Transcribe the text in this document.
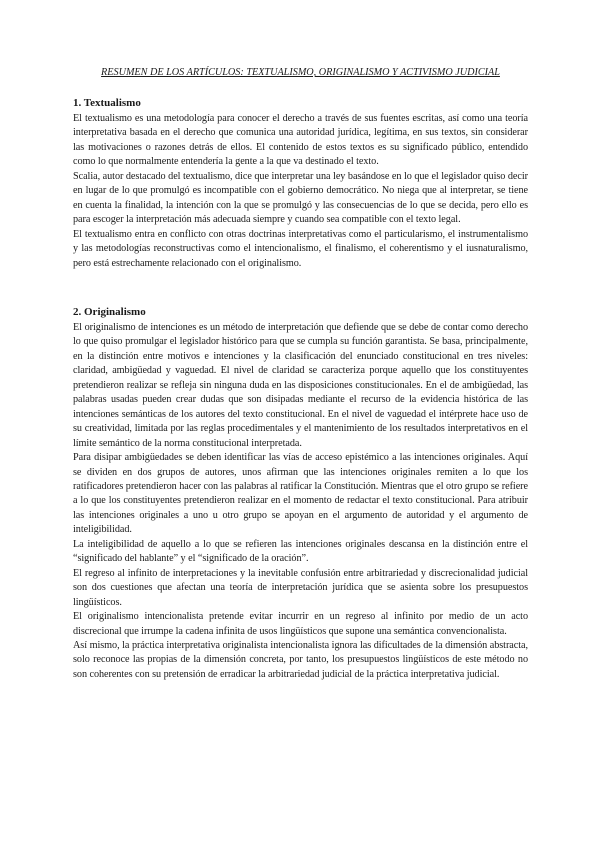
RESUMEN DE LOS ARTÍCULOS: TEXTUALISMO, ORIGINALISMO Y ACTIVISMO JUDICIAL
1. Textualismo

El textualismo es una metodología para conocer el derecho a través de sus fuentes escritas, así como una teoría interpretativa basada en el derecho que comunica una autoridad jurídica, legítima, en sus textos, sin considerar las motivaciones o razones detrás de ellos. El contenido de estos textos es su significado público, entendido como lo que normalmente entendería la gente a la que va destinado el texto.

Scalia, autor destacado del textualismo, dice que interpretar una ley basándose en lo que el legislador quiso decir en lugar de lo que promulgó es incompatible con el gobierno democrático. No niega que al interpretar, se tiene en cuenta la finalidad, la intención con la que se promulgó y las consecuencias de lo que se decida, pero ello es para escoger la interpretación más adecuada siempre y cuando sea compatible con el texto legal.

El textualismo entra en conflicto con otras doctrinas interpretativas como el particularismo, el instrumentalismo y las metodologías reconstructivas como el intencionalismo, el finalismo, el coherentismo y el iusnaturalismo, pero está estrechamente relacionado con el originalismo.

2. Originalismo

El originalismo de intenciones es un método de interpretación que defiende que se debe de contar como derecho lo que quiso promulgar el legislador histórico para que se cumpla su función garantista. Se basa, principalmente, en la distinción entre motivos e intenciones y la clasificación del enunciado constitucional en tres niveles: claridad, ambigüedad y vaguedad. El nivel de claridad se caracteriza porque aquello que los constituyentes pretendieron realizar se refleja sin ninguna duda en las disposiciones constitucionales. En el de ambigüedad, las palabras usadas pueden crear dudas que son disipadas mediante el recurso de la evidencia histórica de las intenciones semánticas de los autores del texto constitucional. En el nivel de vaguedad el intérprete hace uso de su creatividad, limitada por las reglas procedimentales y el mantenimiento de los resultados interpretativos en el límite semántico de la norma constitucional interpretada.

Para disipar ambigüedades se deben identificar las vías de acceso epistémico a las intenciones originales. Aquí se dividen en dos grupos de autores, unos afirman que las intenciones originales remiten a lo que los ratificadores pretendieron hacer con las palabras al ratificar la Constitución. Mientras que el otro grupo se refiere a lo que los constituyentes pretendieron realizar en el momento de redactar el texto constitucional. Para atribuir las intenciones originales a uno u otro grupo se apoyan en el argumento de autoridad y el argumento de inteligibilidad.

La inteligibilidad de aquello a lo que se refieren las intenciones originales descansa en la distinción entre el “significado del hablante” y el “significado de la oración”.

El regreso al infinito de interpretaciones y la inevitable confusión entre arbitrariedad y discrecionalidad judicial son dos cuestiones que afectan una teoría de interpretación jurídica que se asienta sobre los presupuestos lingüísticos.

El originalismo intencionalista pretende evitar incurrir en un regreso al infinito por medio de un acto discrecional que irrumpe la cadena infinita de usos lingüísticos que supone una semántica convencionalista.

Así mismo, la práctica interpretativa originalista intencionalista ignora las dificultades de la dimensión abstracta, solo reconoce las propias de la dimensión concreta, por tanto, los presupuestos lingüísticos de este método no son coherentes con su pretensión de erradicar la arbitrariedad judicial de la práctica interpretativa judicial.
